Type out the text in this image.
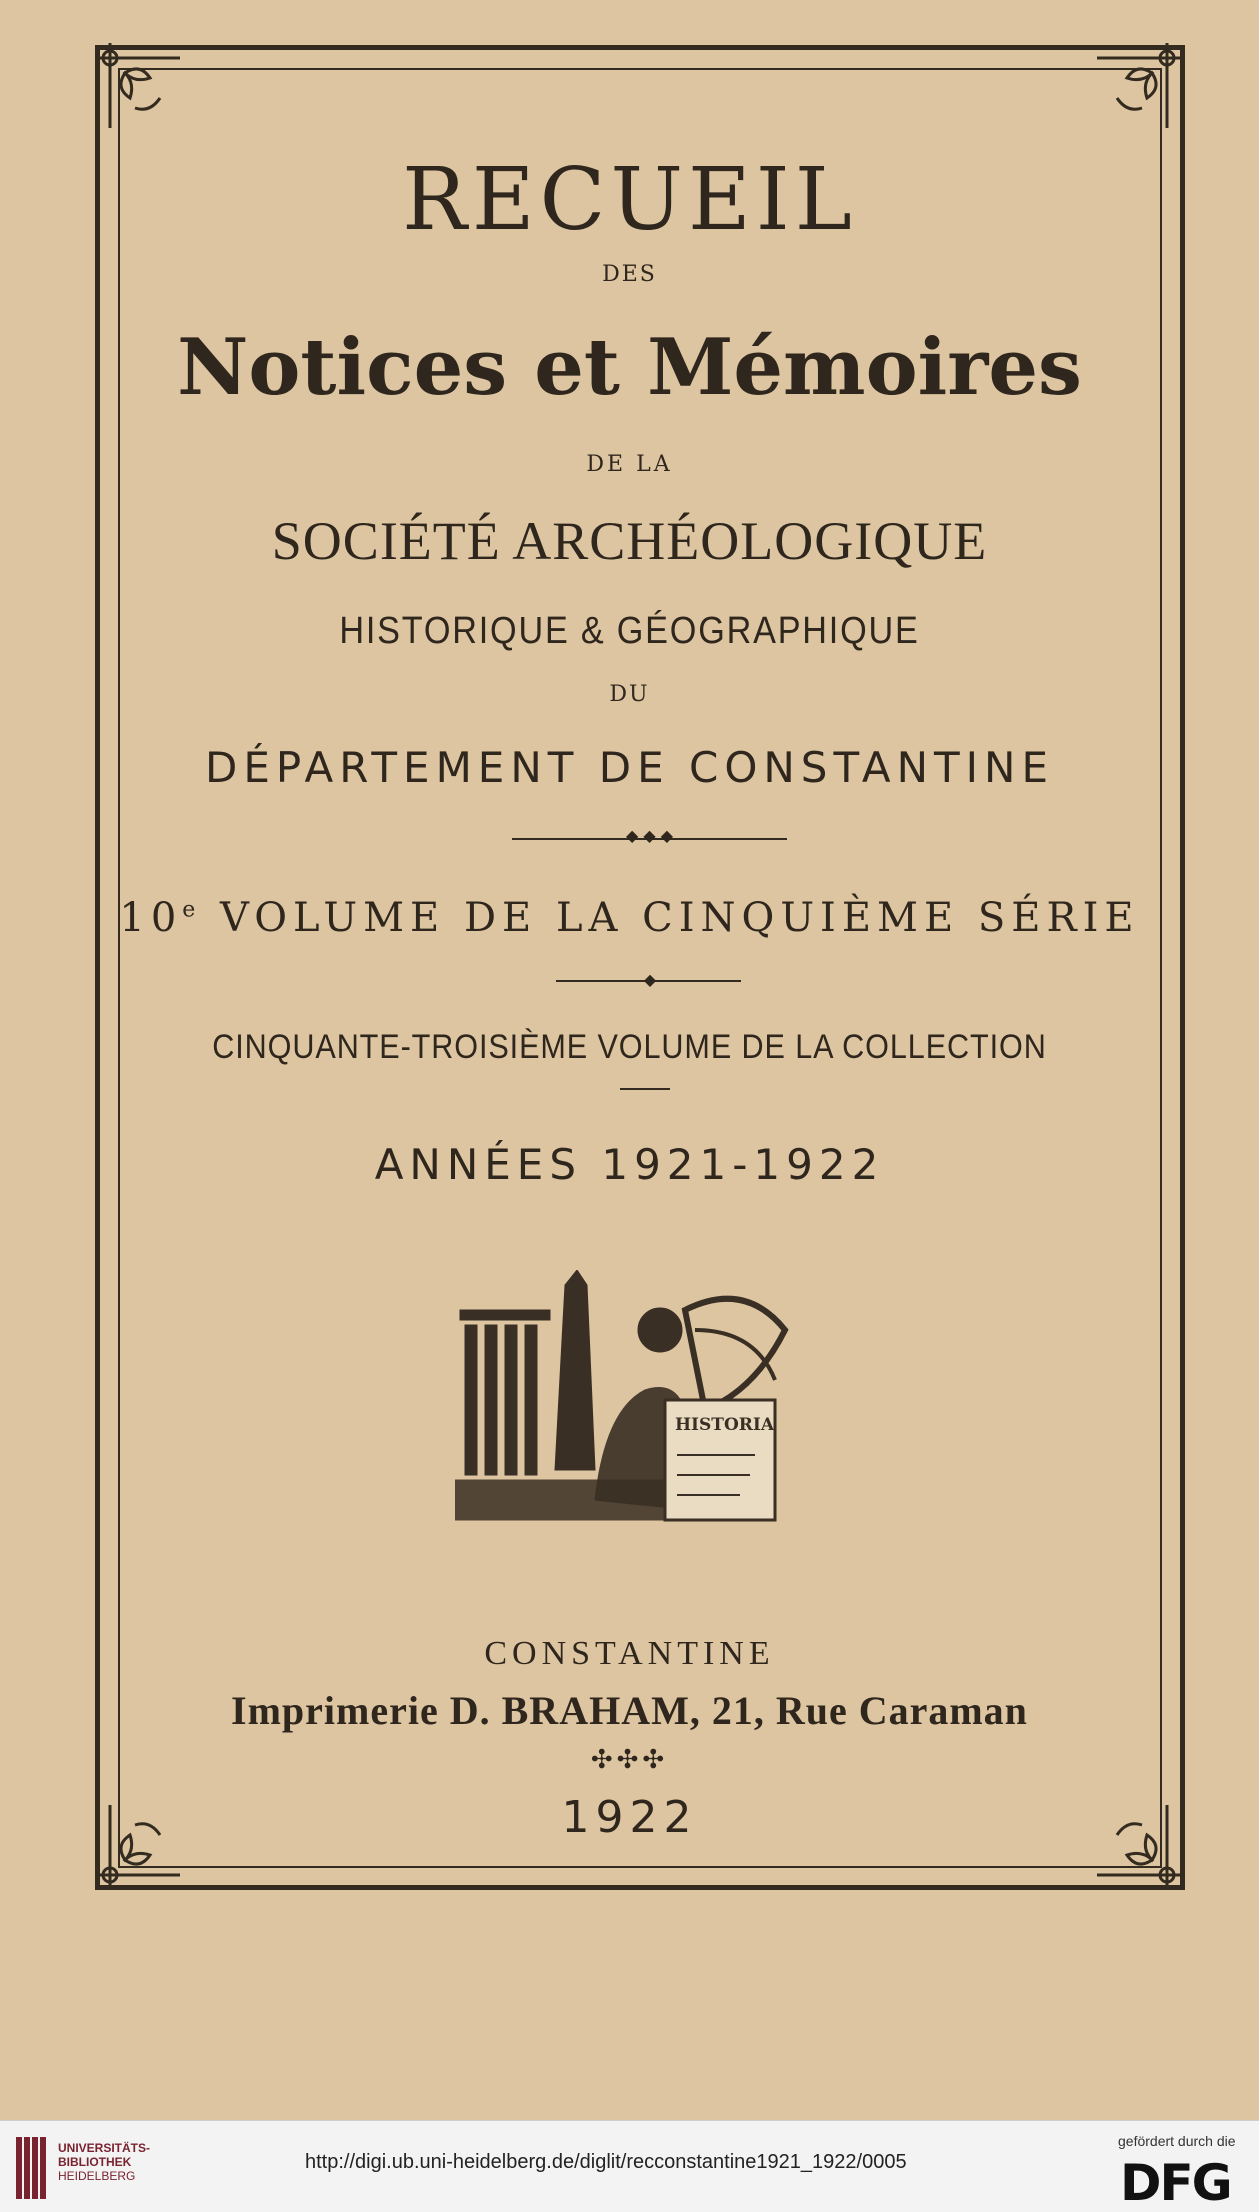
RECUEIL
DES
Notices et Mémoires
DE LA
SOCIÉTÉ ARCHÉOLOGIQUE
HISTORIQUE & GÉOGRAPHIQUE
DU
DÉPARTEMENT DE CONSTANTINE
◆ ◆ ◆
10e VOLUME DE LA CINQUIÈME SÉRIE
◆
CINQUANTE-TROISIÈME VOLUME DE LA COLLECTION
ANNÉES 1921-1922
HISTORIA
CONSTANTINE
Imprimerie D. BRAHAM, 21, Rue Caraman
✣✣✣
1922
UNIVERSITÄTS-
BIBLIOTHEK
HEIDELBERG
http://digi.ub.uni-heidelberg.de/diglit/recconstantine1921_1922/0005
gefördert durch die
DFG
